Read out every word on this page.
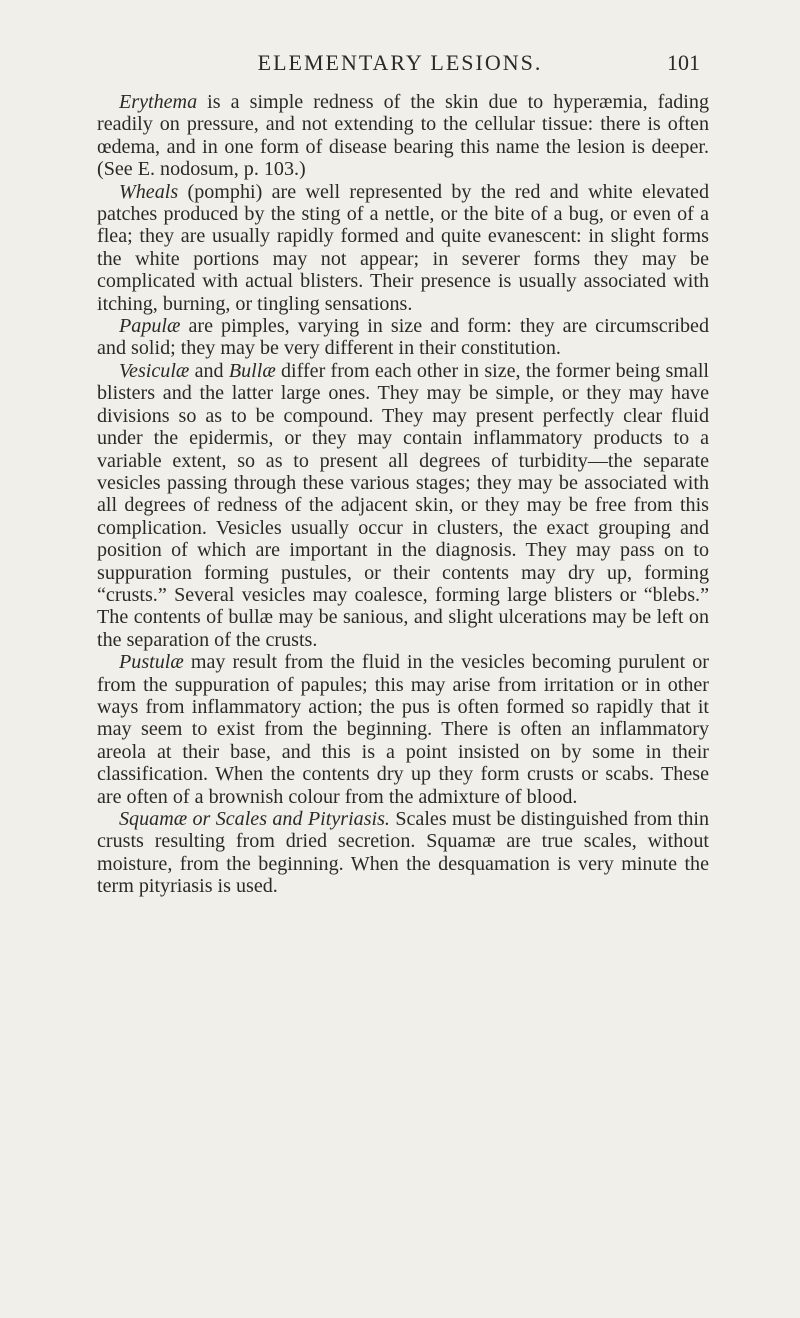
ELEMENTARY LESIONS.	101

Erythema is a simple redness of the skin due to hyperæmia, fading readily on pressure, and not extending to the cellular tissue: there is often œdema, and in one form of disease bearing this name the lesion is deeper. (See E. nodosum, p. 103.)

Wheals (pomphi) are well represented by the red and white elevated patches produced by the sting of a nettle, or the bite of a bug, or even of a flea; they are usually rapidly formed and quite evanescent: in slight forms the white portions may not appear; in severer forms they may be complicated with actual blisters. Their presence is usually associated with itching, burning, or tingling sensations.

Papulæ are pimples, varying in size and form: they are circumscribed and solid; they may be very different in their constitution.

Vesiculæ and Bullæ differ from each other in size, the former being small blisters and the latter large ones. They may be simple, or they may have divisions so as to be compound. They may present perfectly clear fluid under the epidermis, or they may contain inflammatory products to a variable extent, so as to present all degrees of turbidity—the separate vesicles passing through these various stages; they may be associated with all degrees of redness of the adjacent skin, or they may be free from this complication. Vesicles usually occur in clusters, the exact grouping and position of which are important in the diagnosis. They may pass on to suppuration forming pustules, or their contents may dry up, forming “crusts.” Several vesicles may coalesce, forming large blisters or “blebs.” The contents of bullæ may be sanious, and slight ulcerations may be left on the separation of the crusts.

Pustulæ may result from the fluid in the vesicles becoming purulent or from the suppuration of papules; this may arise from irritation or in other ways from inflammatory action; the pus is often formed so rapidly that it may seem to exist from the beginning. There is often an inflammatory areola at their base, and this is a point insisted on by some in their classification. When the contents dry up they form crusts or scabs. These are often of a brownish colour from the admixture of blood.

Squamæ or Scales and Pityriasis. Scales must be distinguished from thin crusts resulting from dried secretion. Squamæ are true scales, without moisture, from the beginning. When the desquamation is very minute the term pityriasis is used.
